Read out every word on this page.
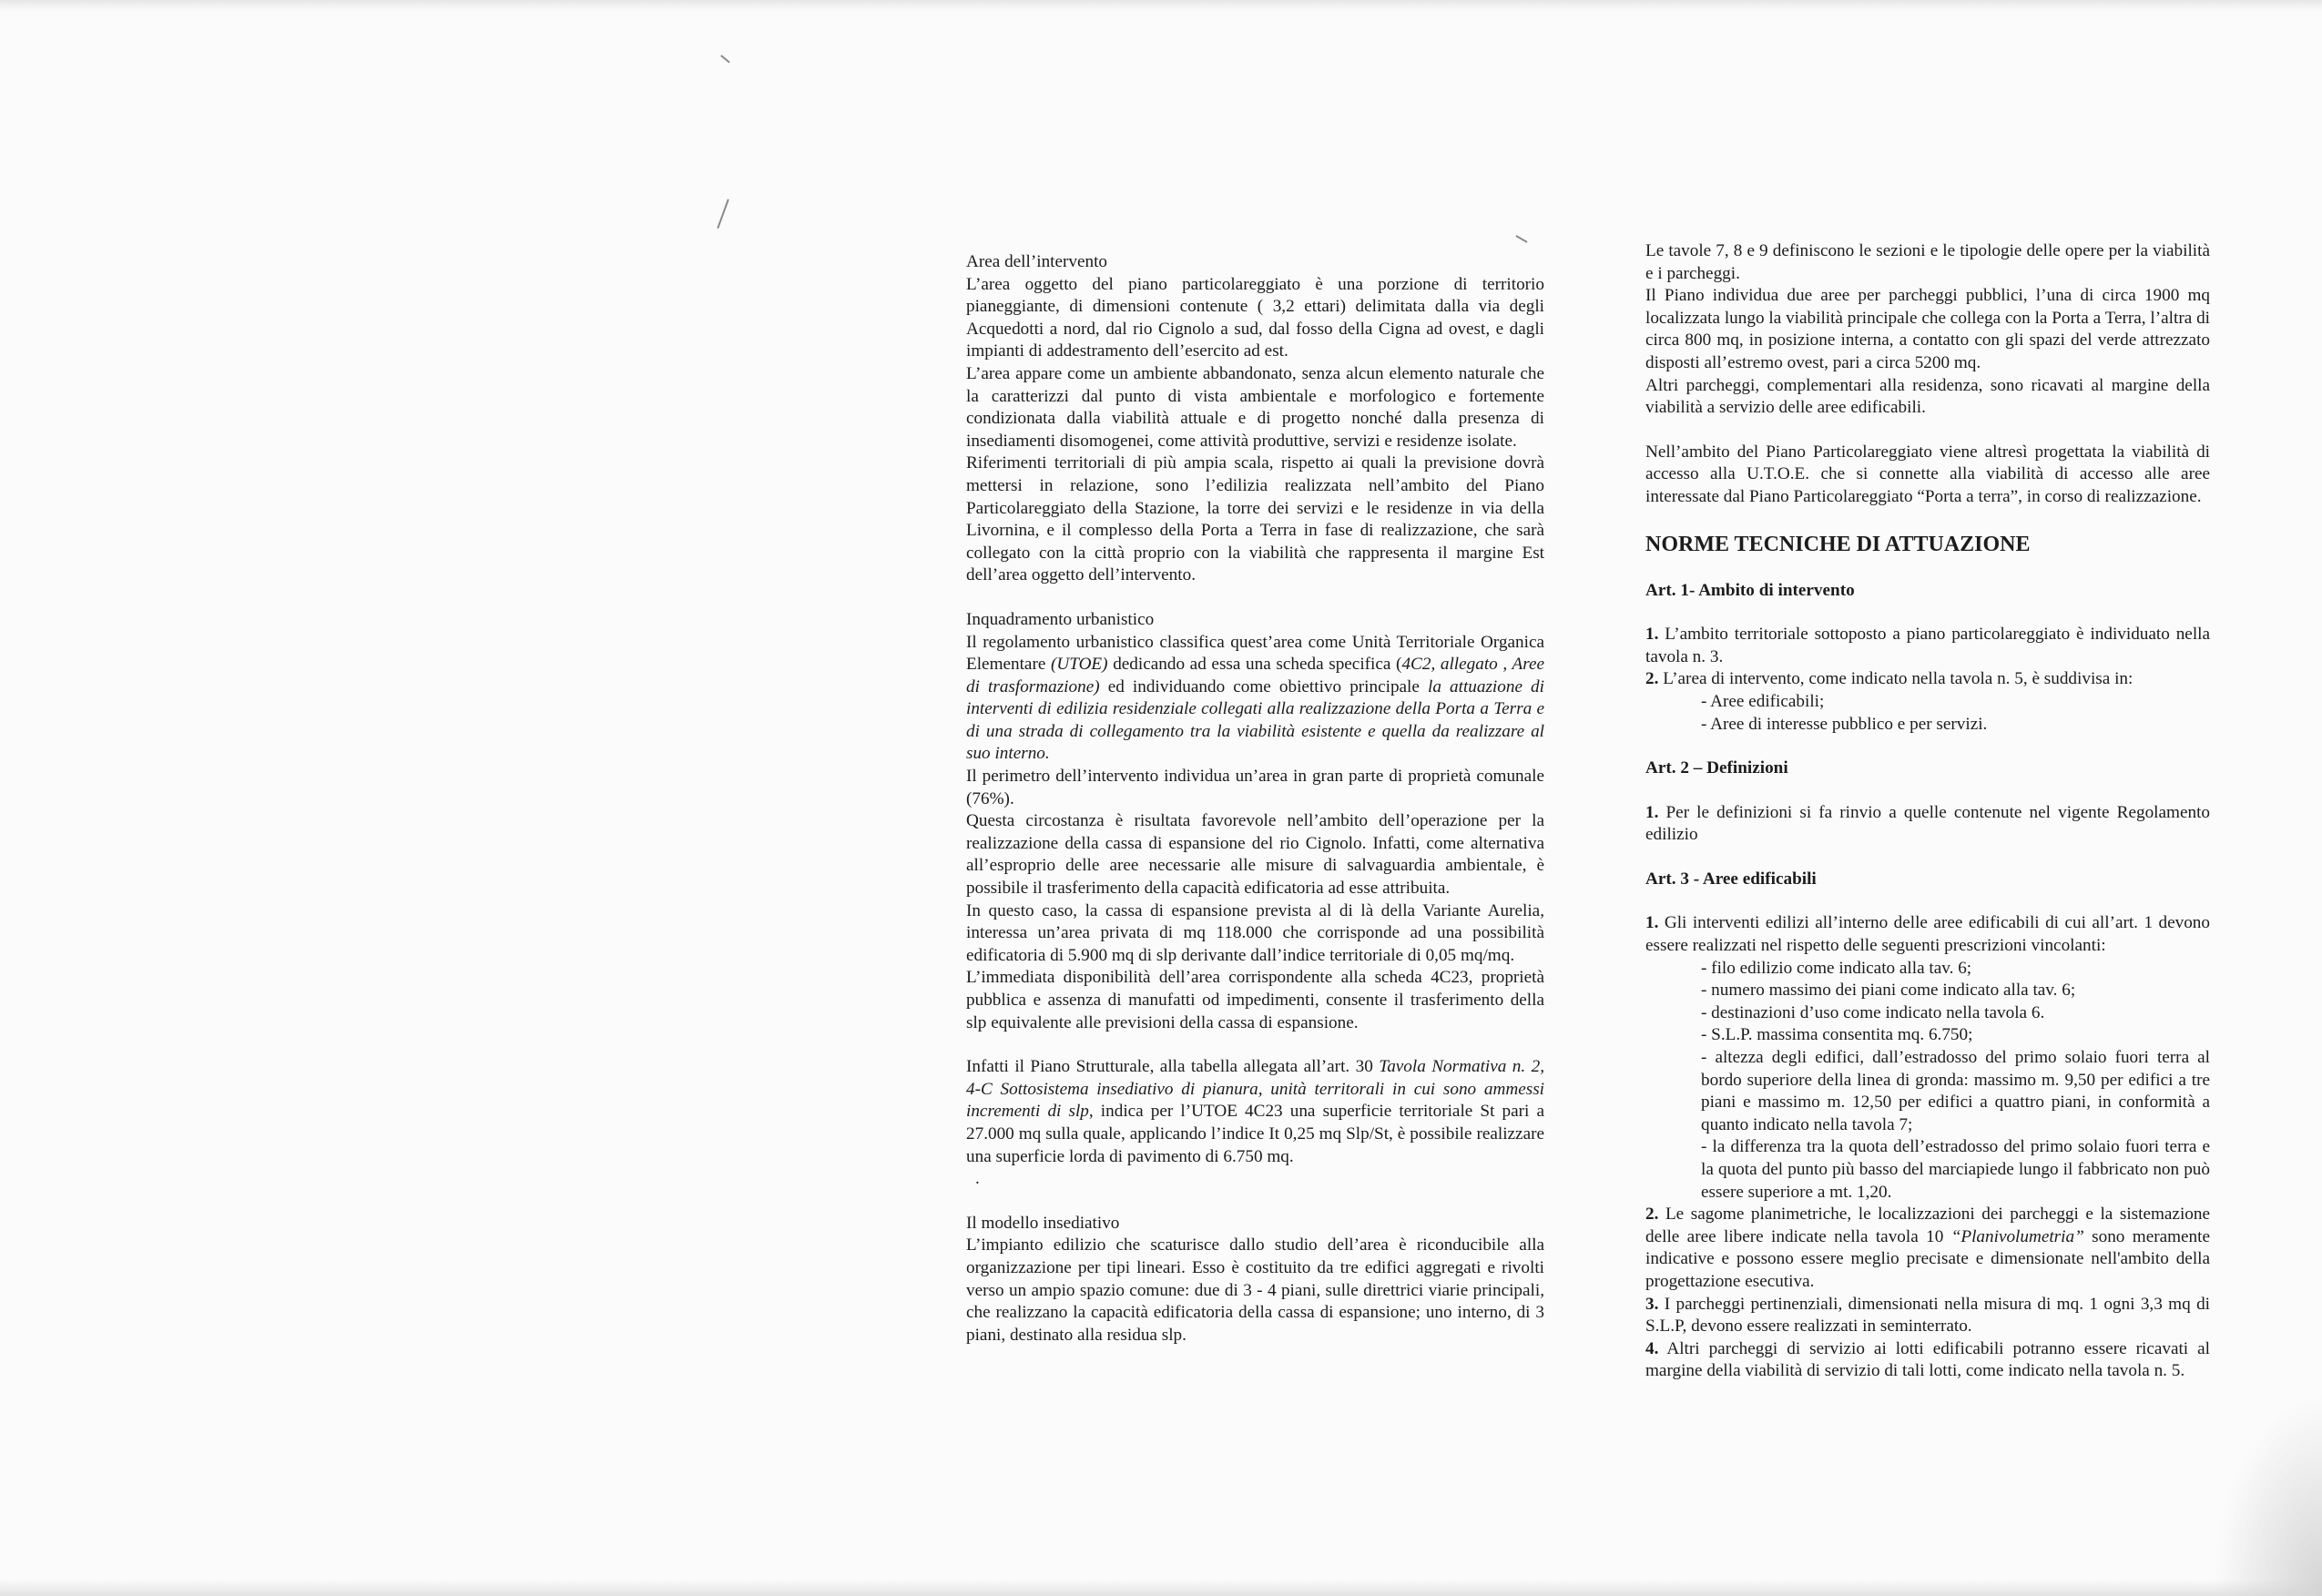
Area dell’intervento

L’area oggetto del piano particolareggiato è una porzione di territorio pianeggiante, di dimensioni contenute ( 3,2 ettari) delimitata dalla via degli Acquedotti a nord, dal rio Cignolo a sud, dal fosso della Cigna ad ovest, e dagli impianti di addestramento dell’esercito ad est.

L’area appare come un ambiente abbandonato, senza alcun elemento naturale che la caratterizzi dal punto di vista ambientale e morfologico e fortemente condizionata dalla viabilità attuale e di progetto nonché dalla presenza di insediamenti disomogenei, come attività produttive, servizi e residenze isolate.

Riferimenti territoriali di più ampia scala, rispetto ai quali la previsione dovrà mettersi in relazione, sono l’edilizia realizzata nell’ambito del Piano Particolareggiato della Stazione, la torre dei servizi e le residenze in via della Livornina, e il complesso della Porta a Terra in fase di realizzazione, che sarà collegato con la città proprio con la viabilità che rappresenta il margine Est dell’area oggetto dell’intervento.

Inquadramento urbanistico

Il regolamento urbanistico classifica quest’area come Unità Territoriale Organica Elementare (UTOE) dedicando ad essa una scheda specifica (4C2, allegato , Aree di trasformazione) ed individuando come obiettivo principale la attuazione di interventi di edilizia residenziale collegati alla realizzazione della Porta a Terra e di una strada di collegamento tra la viabilità esistente e quella da realizzare al suo interno.

Il perimetro dell’intervento individua un’area in gran parte di proprietà comunale (76%).

Questa circostanza è risultata favorevole nell’ambito dell’operazione per la realizzazione della cassa di espansione del rio Cignolo. Infatti, come alternativa all’esproprio delle aree necessarie alle misure di salvaguardia ambientale, è possibile il trasferimento della capacità edificatoria ad esse attribuita.

In questo caso, la cassa di espansione prevista al di là della Variante Aurelia, interessa un’area privata di mq 118.000 che corrisponde ad una possibilità edificatoria di 5.900 mq di slp derivante dall’indice territoriale di 0,05 mq/mq.

L’immediata disponibilità dell’area corrispondente alla scheda 4C23, proprietà pubblica e assenza di manufatti od impedimenti, consente il trasferimento della slp equivalente alle previsioni della cassa di espansione.

Infatti il Piano Strutturale, alla tabella allegata all’art. 30 Tavola Normativa n. 2, 4-C Sottosistema insediativo di pianura, unità territorali in cui sono ammessi incrementi di slp, indica per l’UTOE 4C23 una superficie territoriale St pari a 27.000 mq sulla quale, applicando l’indice It 0,25 mq Slp/St, è possibile realizzare una superficie lorda di pavimento di 6.750 mq.

.

Il modello insediativo

L’impianto edilizio che scaturisce dallo studio dell’area è riconducibile alla organizzazione per tipi lineari. Esso è costituito da tre edifici aggregati e rivolti verso un ampio spazio comune: due di 3 - 4 piani, sulle direttrici viarie principali, che realizzano la capacità edificatoria della cassa di espansione; uno interno, di 3 piani, destinato alla residua slp.

Le tavole 7, 8 e 9 definiscono le sezioni e le tipologie delle opere per la viabilità e i parcheggi.

Il Piano individua due aree per parcheggi pubblici, l’una di circa 1900 mq localizzata lungo la viabilità principale che collega con la Porta a Terra, l’altra di circa 800 mq, in posizione interna, a contatto con gli spazi del verde attrezzato disposti all’estremo ovest, pari a circa 5200 mq.

Altri parcheggi, complementari alla residenza, sono ricavati al margine della viabilità a servizio delle aree edificabili.

Nell’ambito del Piano Particolareggiato viene altresì progettata la viabilità di accesso alla U.T.O.E. che si connette alla viabilità di accesso alle aree interessate dal Piano Particolareggiato “Porta a terra”, in corso di realizzazione.

NORME TECNICHE DI ATTUAZIONE

Art. 1- Ambito di intervento

1. L’ambito territoriale sottoposto a piano particolareggiato è individuato nella tavola n. 3.

2. L’area di intervento, come indicato nella tavola n. 5, è suddivisa in:

- Aree edificabili;
- Aree di interesse pubblico e per servizi.

Art. 2 – Definizioni

1. Per le definizioni si fa rinvio a quelle contenute nel vigente Regolamento edilizio

Art. 3 - Aree edificabili

1. Gli interventi edilizi all’interno delle aree edificabili di cui all’art. 1 devono essere realizzati nel rispetto delle seguenti prescrizioni vincolanti:

- filo edilizio come indicato alla tav. 6;
- numero massimo dei piani come indicato alla tav. 6;
- destinazioni d’uso come indicato nella tavola 6.
- S.L.P. massima consentita mq. 6.750;
- altezza degli edifici, dall’estradosso del primo solaio fuori terra al bordo superiore della linea di gronda: massimo m. 9,50 per edifici a tre piani e massimo m. 12,50 per edifici a quattro piani, in conformità a quanto indicato nella tavola 7;
- la differenza tra la quota dell’estradosso del primo solaio fuori terra e la quota del punto più basso del marciapiede lungo il fabbricato non può essere superiore a mt. 1,20.

2. Le sagome planimetriche, le localizzazioni dei parcheggi e la sistemazione delle aree libere indicate nella tavola 10 “Planivolumetria” sono meramente indicative e possono essere meglio precisate e dimensionate nell'ambito della progettazione esecutiva.

3. I parcheggi pertinenziali, dimensionati nella misura di mq. 1 ogni 3,3 mq di S.L.P, devono essere realizzati in seminterrato.

4. Altri parcheggi di servizio ai lotti edificabili potranno essere ricavati al margine della viabilità di servizio di tali lotti, come indicato nella tavola n. 5.
